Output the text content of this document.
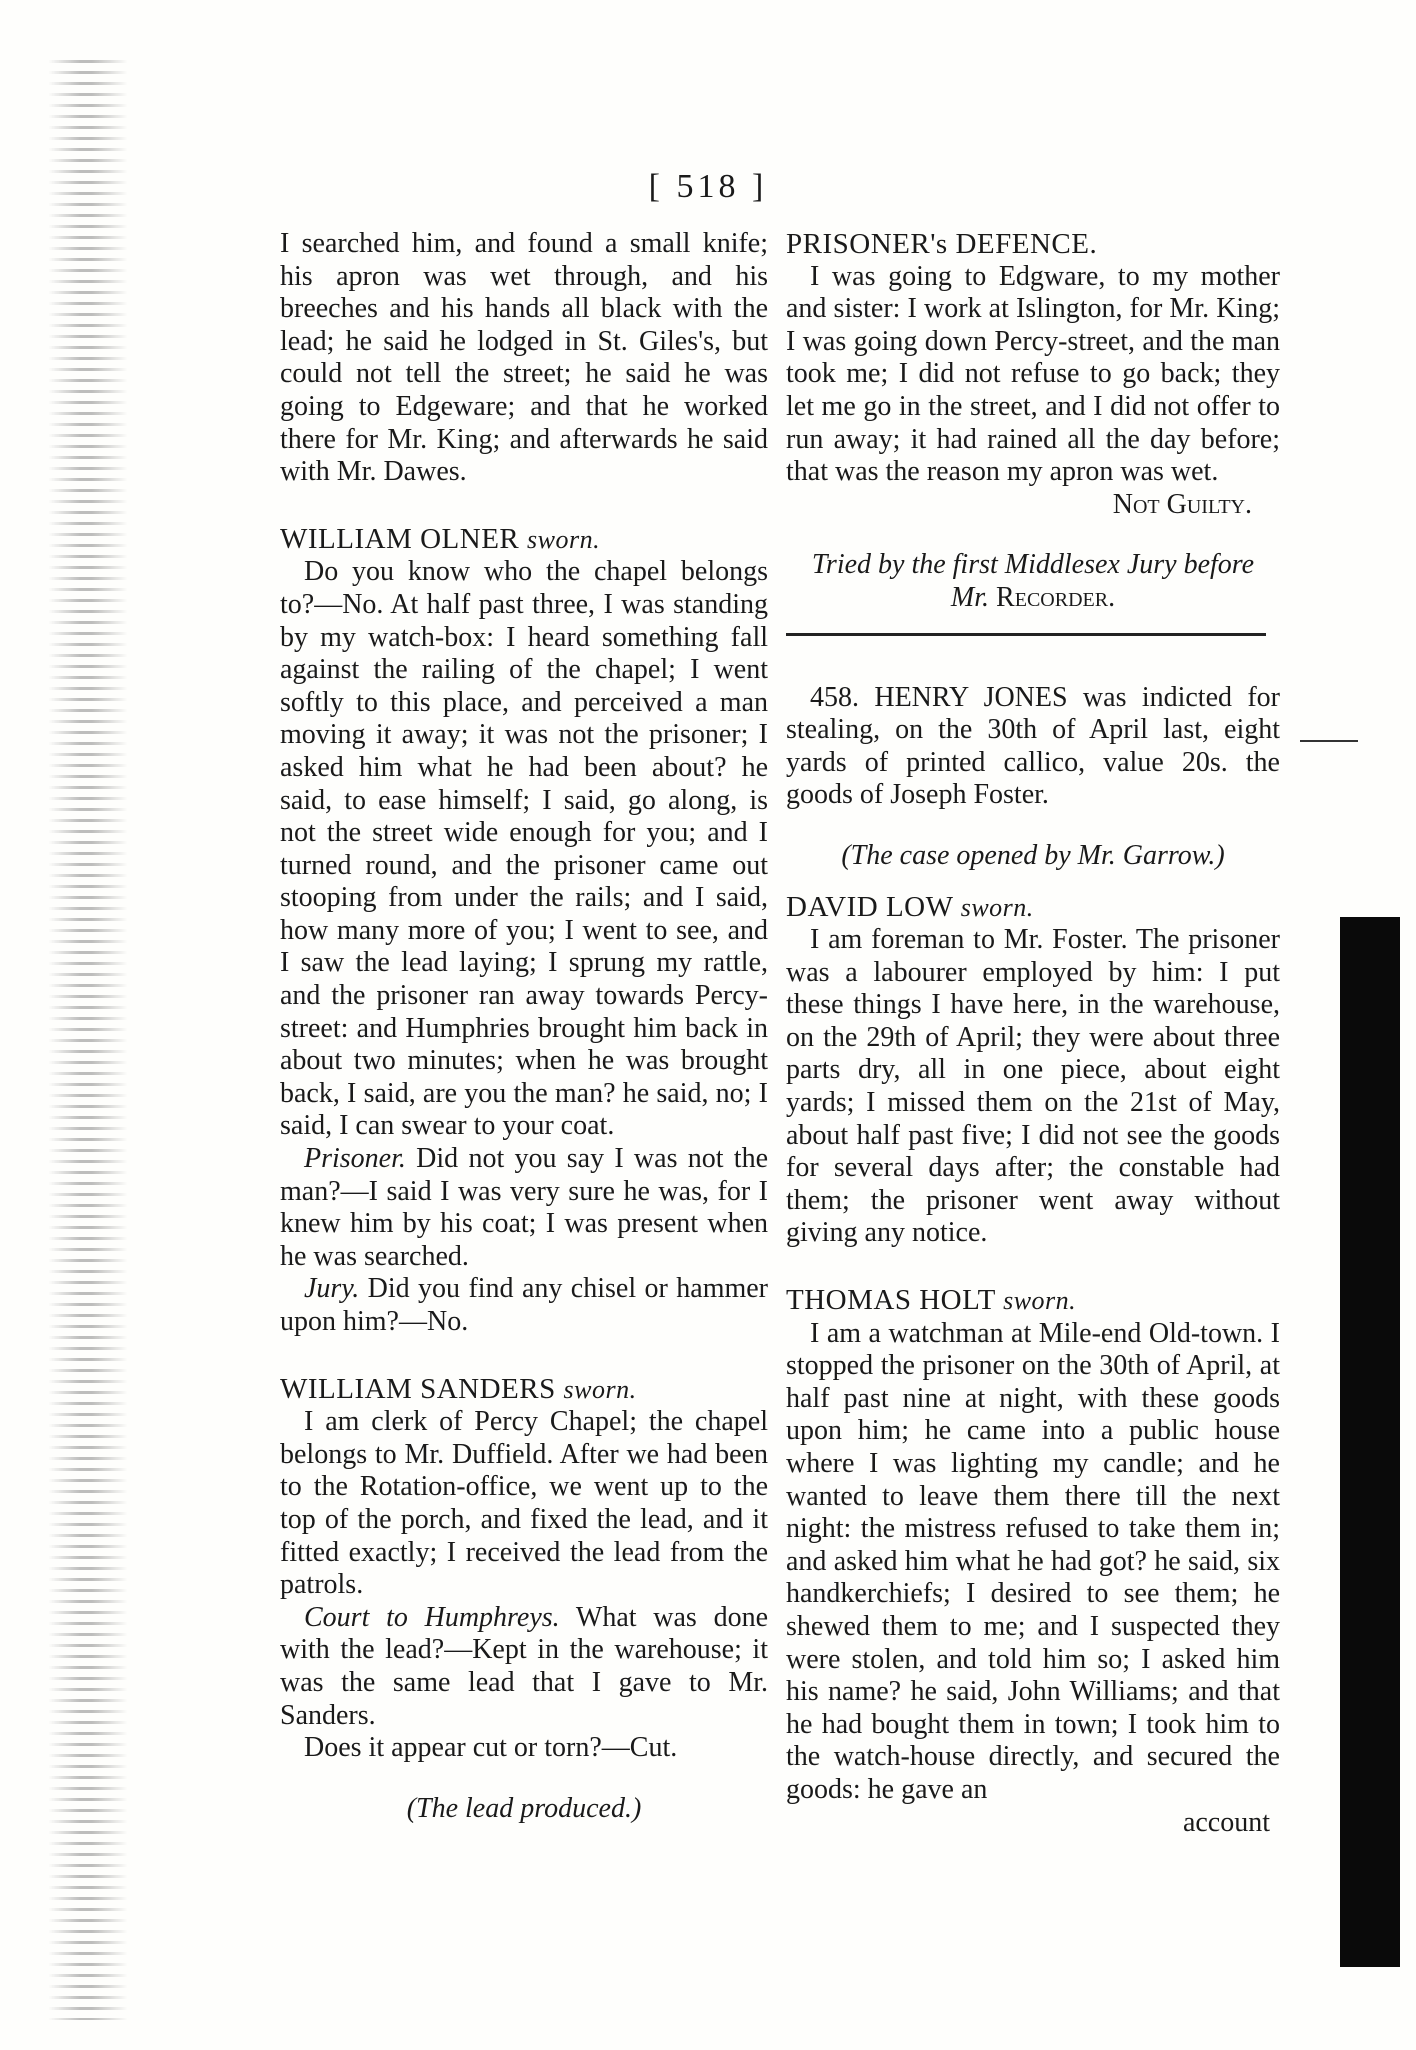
[ 518 ]

I searched him, and found a small knife; his apron was wet through, and his breeches and his hands all black with the lead; he said he lodged in St. Giles's, but could not tell the street; he said he was going to Edgeware; and that he worked there for Mr. King; and afterwards he said with Mr. Dawes.

WILLIAM OLNER sworn.

Do you know who the chapel belongs to?—No. At half past three, I was standing by my watch-box: I heard something fall against the railing of the chapel; I went softly to this place, and perceived a man moving it away; it was not the prisoner; I asked him what he had been about? he said, to ease himself; I said, go along, is not the street wide enough for you; and I turned round, and the prisoner came out stooping from under the rails; and I said, how many more of you; I went to see, and I saw the lead laying; I sprung my rattle, and the prisoner ran away towards Percy-street: and Humphries brought him back in about two minutes; when he was brought back, I said, are you the man? he said, no; I said, I can swear to your coat.

Prisoner. Did not you say I was not the man?—I said I was very sure he was, for I knew him by his coat; I was present when he was searched.

Jury. Did you find any chisel or hammer upon him?—No.

WILLIAM SANDERS sworn.

I am clerk of Percy Chapel; the chapel belongs to Mr. Duffield. After we had been to the Rotation-office, we went up to the top of the porch, and fixed the lead, and it fitted exactly; I received the lead from the patrols.

Court to Humphreys. What was done with the lead?—Kept in the warehouse; it was the same lead that I gave to Mr. Sanders.

Does it appear cut or torn?—Cut.

(The lead produced.)

PRISONER's DEFENCE.

I was going to Edgware, to my mother and sister: I work at Islington, for Mr. King; I was going down Percy-street, and the man took me; I did not refuse to go back; they let me go in the street, and I did not offer to run away; it had rained all the day before; that was the reason my apron was wet.

Not Guilty.

Tried by the first Middlesex Jury before

Mr. Recorder.

458. HENRY JONES was indicted for stealing, on the 30th of April last, eight yards of printed callico, value 20s. the goods of Joseph Foster.

(The case opened by Mr. Garrow.)

DAVID LOW sworn.

I am foreman to Mr. Foster. The prisoner was a labourer employed by him: I put these things I have here, in the warehouse, on the 29th of April; they were about three parts dry, all in one piece, about eight yards; I missed them on the 21st of May, about half past five; I did not see the goods for several days after; the constable had them; the prisoner went away without giving any notice.

THOMAS HOLT sworn.

I am a watchman at Mile-end Old-town. I stopped the prisoner on the 30th of April, at half past nine at night, with these goods upon him; he came into a public house where I was lighting my candle; and he wanted to leave them there till the next night: the mistress refused to take them in; and asked him what he had got? he said, six handkerchiefs; I desired to see them; he shewed them to me; and I suspected they were stolen, and told him so; I asked him his name? he said, John Williams; and that he had bought them in town; I took him to the watch-house directly, and secured the goods: he gave an

account
